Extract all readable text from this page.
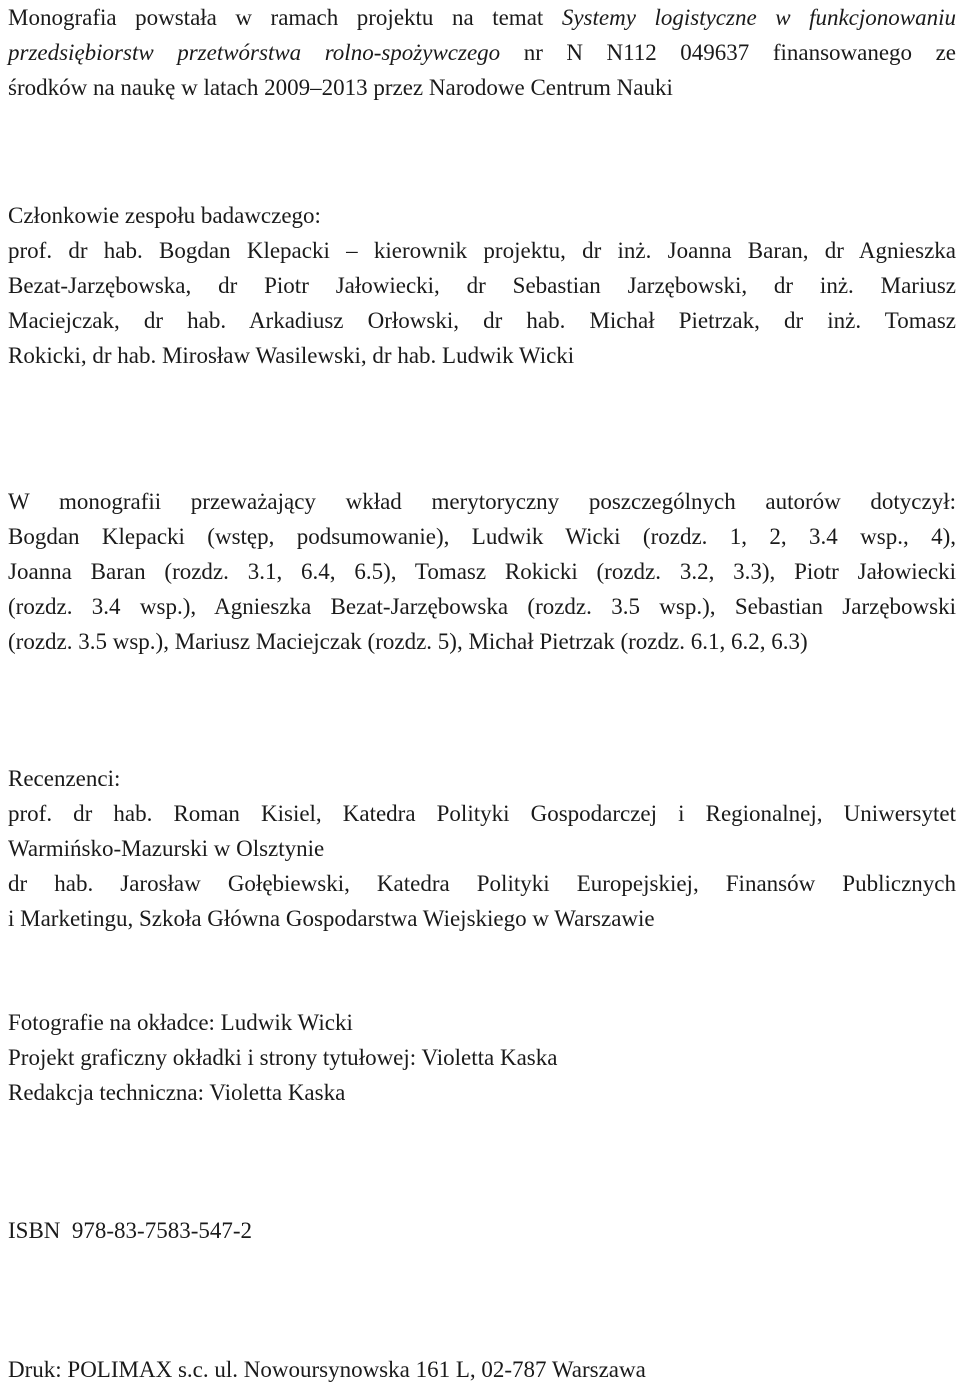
Monografia powstała w ramach projektu na temat Systemy logistyczne w funkcjonowaniu
przedsiębiorstw przetwórstwa rolno-spożywczego nr N N112 049637 finansowanego ze
środków na naukę w latach 2009–2013 przez Narodowe Centrum Nauki
Członkowie zespołu badawczego:
prof. dr hab. Bogdan Klepacki – kierownik projektu, dr inż. Joanna Baran, dr Agnieszka
Bezat-Jarzębowska, dr Piotr Jałowiecki, dr Sebastian Jarzębowski, dr inż. Mariusz
Maciejczak, dr hab. Arkadiusz Orłowski, dr hab. Michał Pietrzak, dr inż. Tomasz
Rokicki, dr hab. Mirosław Wasilewski, dr hab. Ludwik Wicki
W monografii przeważający wkład merytoryczny poszczególnych autorów dotyczył:
Bogdan Klepacki (wstęp, podsumowanie), Ludwik Wicki (rozdz. 1, 2, 3.4 wsp., 4),
Joanna Baran (rozdz. 3.1, 6.4, 6.5), Tomasz Rokicki (rozdz. 3.2, 3.3), Piotr Jałowiecki
(rozdz. 3.4 wsp.), Agnieszka Bezat-Jarzębowska (rozdz. 3.5 wsp.), Sebastian Jarzębowski
(rozdz. 3.5 wsp.), Mariusz Maciejczak (rozdz. 5), Michał Pietrzak (rozdz. 6.1, 6.2, 6.3)
Recenzenci:
prof. dr hab. Roman Kisiel, Katedra Polityki Gospodarczej i Regionalnej, Uniwersytet
Warmińsko-Mazurski w Olsztynie
dr hab. Jarosław Gołębiewski, Katedra Polityki Europejskiej, Finansów Publicznych
i Marketingu, Szkoła Główna Gospodarstwa Wiejskiego w Warszawie
Fotografie na okładce: Ludwik Wicki
Projekt graficzny okładki i strony tytułowej: Violetta Kaska
Redakcja techniczna: Violetta Kaska
ISBN  978-83-7583-547-2
Druk: POLIMAX s.c. ul. Nowoursynowska 161 L, 02-787 Warszawa
